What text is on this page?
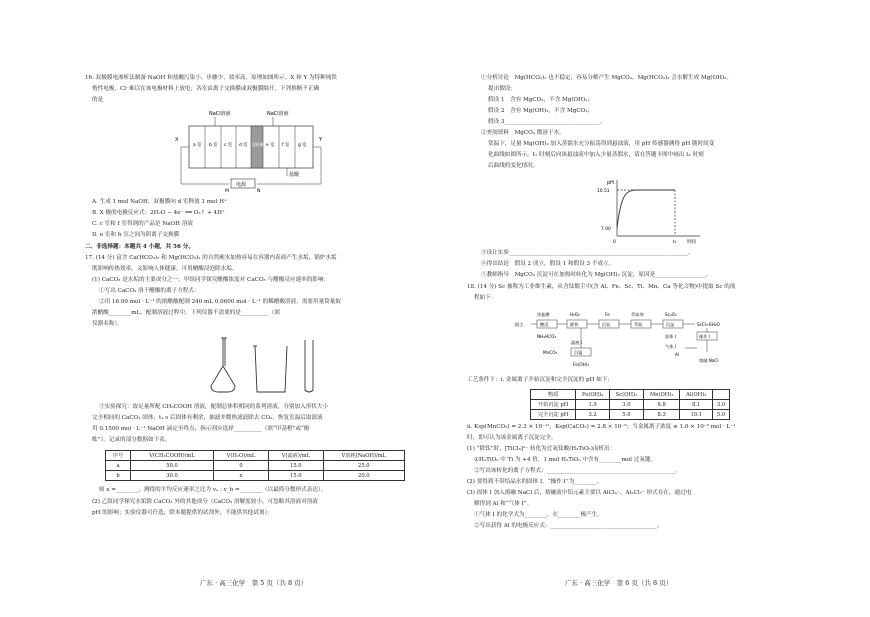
16. 双极膜电渗析法制备 NaOH 和盐酸污染小、步骤少、效率高，原理如图所示。X 和 Y 为特种钝铁
惰性电极，Cl⁻难以在该电极材料上放电；各室由离子交换膜或双极膜隔开。下列推断不正确
的是
NaCl溶液	NaCl溶液
X	Y
a 室 b 室 c 室 d 室 双极膜 e 室 f 室 g 室
盐酸
电源
M	N
A. 生成 1 mol NaOH，双极膜向 d 室释放 1 mol H⁺
B. X 极的电极反应式：2H₂O − 4e⁻ ══ O₂↑ + 4H⁺
C. c 室和 f 室得到的产品是 NaOH 溶液
D. e 室和 b 室之间为阴离子交换膜
二、非选择题：本题共 4 小题，共 56 分。
17. (14 分) 富含 Ca(HCO₃)₂ 和 Mg(HCO₃)₂ 的自然硬水加热容易在容器内表面产生水垢，锅炉水垢
既影响传热效率，又影响人体健康。可用醋酸浸泡除水垢。
(1) CaCO₃ 是水垢的主要成分之一，甲组同学探究醋酸浓度对 CaCO₃ 与醋酸反应速率的影响：
①写出 CaCO₃ 溶于醋酸的离子方程式：
②用 16.00 mol · L⁻¹ 的浓醋酸配制 240 mL 0.0600 mol · L⁻¹ 的稀醋酸溶液，需要用量筒量取
浓醋酸________mL。配制溶液过程中，下列仪器不需要的是__________（填
仪器名称）。
③实验探究：取足量所配 CH₃COOH 溶液，配制总体积相同的系列溶液，分别加入形状大小
完全相同的 CaCO₃ 固体，t₁ s 后固体有剩余，抽滤并微热滤液除去 CO₂，恢复室温后取滤液
用 0.1500 mol · L⁻¹ NaOH 滴定至终点，指示剂应选择__________（填“甲基橙”或“酚
酞”）。记录的部分数据如下表。
序号	V(CH₃COOH)/mL	V(H₂O)/mL	V(滤液)/mL	V消耗(NaOH)/mL
a	50.0	0	15.0	25.0
b	30.0	x	15.0	20.0
则 x =________，测得的平均反应速率之比为 vₐ : v_b =________（以最简分数形式表达）。
(2) 乙组同学探究水垢除 CaCO₃ 外的其他成分（CaCO₃ 溶解度较小，可忽略其溶液对溶液
pH 的影响；实验仪器可任选，除本题提供的试剂外，不能供其他试剂）：
广东 · 高三化学　第 5 页（共 8 页）
①分析讨论　Mg(HCO₃)₂ 也不稳定，容易分解产生 MgCO₃，Mg(HCO₃)₂ 会水解生成 Mg(OH)₂。
提出假设：
假设 1　含有 MgCO₃，不含 Mg(OH)₂；
假设 2　含有 Mg(OH)₂，不含 MgCO₃；
假设 3__________________________________。
②查阅资料　MgCO₃ 微溶于水。
常温下，足量 Mg(OH)₂ 加入蒸馏水充分振荡得到悬浊液，用 pH 传感器测得 pH 随时间变
化曲线如图所示。t₁ 时刻后向该悬浊液中加入少量蒸馏水，请在答题卡图中画出 t₁ 时刻
后曲线的变化情况。
pH
10.51
7.00
0	t₁ 时间
③设计实验________________________________________________________________。
④得出结论　假设 2 成立，假设 1 和假设 3 不成立。
⑤教师指导　MgCO₃ 沉淀可在加热时转化为 Mg(OH)₂ 沉淀，原因是__________________。
18. (14 分) Sc 被称为工业维生素，从含钛烟尘中(含 Al、Fe、Sc、Ti、Mn、Ca 等化合物)中提取 Sc 的流
程如下：
烟尘
浓盐酸
酸浸
H₂O₂
除铁
Fe
沉钛
萃取剂
萃取
Sc₂O₃
沉淀	ScCl₃·6H₂O
NH₄HCO₃
滤液 I
MnCO₃	沉锰
固体 I	操作 I
气体 I
Al
Fe(OH)₃
熔融 NaCl
工艺条件下：i. 金属离子开始沉淀和完全沉淀的 pH 如下：
物质	Fe(OH)₃	Sc(OH)₃	Mn(OH)₂	Al(OH)₃	
开始沉淀 pH	1.9	3.0	6.8	8.1	3.0
完全沉淀 pH	3.2	5.0	8.3	10.1	5.0
ii. Ksp(MnCO₃) = 2.3 × 10⁻¹¹，Ksp(CaCO₃) = 2.8 × 10⁻⁹；当金属离子浓度 ≤ 1.0 × 10⁻⁵ mol · L⁻¹
时，即可认为该金属离子沉淀完全。
(1) “除钛”时，[TiCl₆]²⁻ 转化为过氧钛酸(H₂TiO₅)而析出：
①H₂TiO₅ 中 Ti 为 +4 价，1 mol H₂TiO₅ 中含有________mol 过氧键。
②写出该转化的离子方程式：______________________________________________。
(2) 要得到不带结晶水的固体 I，“操作 I”为________。
(3) 固体 I 加入熔融 NaCl 后，熔融液中铝元素主要以 AlCl₄⁻、Al₂Cl₇⁻ 形式存在，通过电
解得到 Al 和“气体 I”。
①气体 I 的化学式为________，在________极产生。
②写出获得 Al 的电极反应式：______________________________________。
广东 · 高三化学　第 6 页（共 8 页）
